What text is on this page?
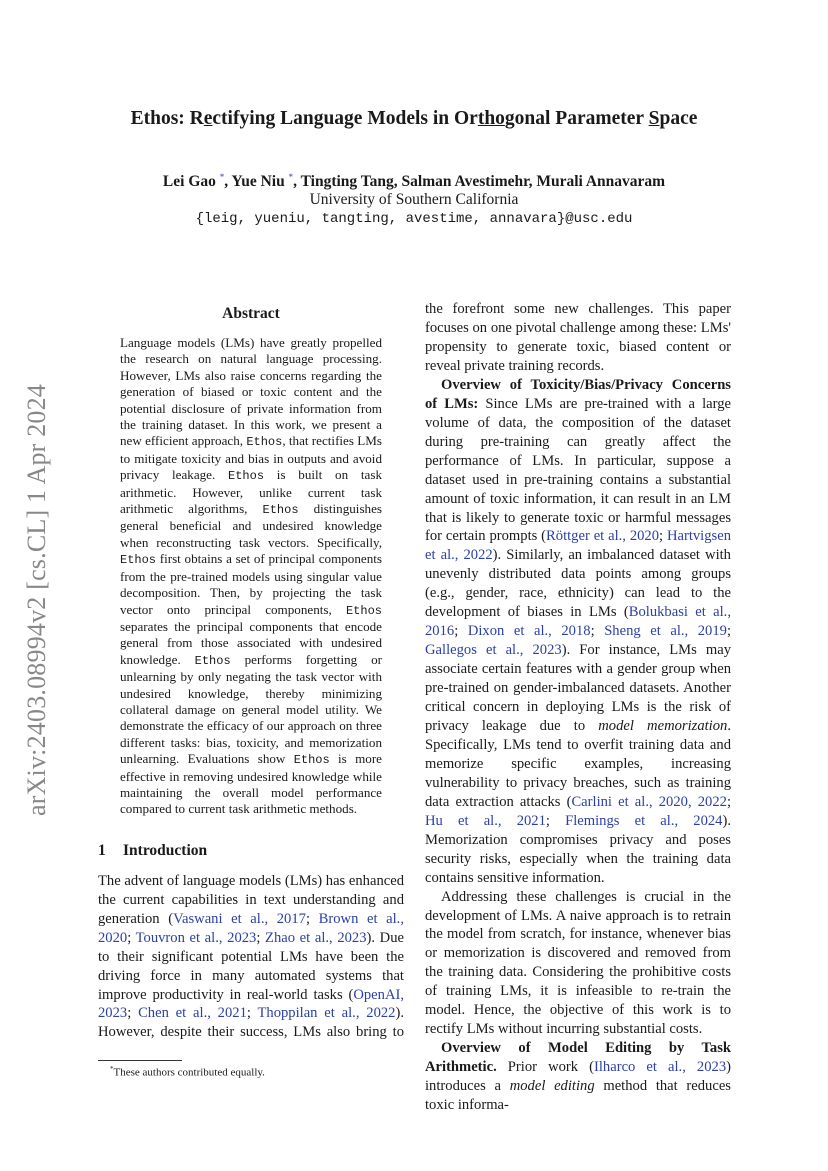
arXiv:2403.08994v2 [cs.CL] 1 Apr 2024
Ethos: Rectifying Language Models in Orthogonal Parameter Space
Lei Gao *, Yue Niu *, Tingting Tang, Salman Avestimehr, Murali Annavaram
University of Southern California
{leig, yueniu, tangting, avestime, annavara}@usc.edu
Abstract
Language models (LMs) have greatly propelled the research on natural language processing. However, LMs also raise concerns regarding the generation of biased or toxic content and the potential disclosure of private information from the training dataset. In this work, we present a new efficient approach, Ethos, that rectifies LMs to mitigate toxicity and bias in outputs and avoid privacy leakage. Ethos is built on task arithmetic. However, unlike current task arithmetic algorithms, Ethos distinguishes general beneficial and undesired knowledge when reconstructing task vectors. Specifically, Ethos first obtains a set of principal components from the pre-trained models using singular value decomposition. Then, by projecting the task vector onto principal components, Ethos separates the principal components that encode general from those associated with undesired knowledge. Ethos performs forgetting or unlearning by only negating the task vector with undesired knowledge, thereby minimizing collateral damage on general model utility. We demonstrate the efficacy of our approach on three different tasks: bias, toxicity, and memorization unlearning. Evaluations show Ethos is more effective in removing undesired knowledge while maintaining the overall model performance compared to current task arithmetic methods.
1 Introduction

The advent of language models (LMs) has enhanced the current capabilities in text understanding and generation (Vaswani et al., 2017; Brown et al., 2020; Touvron et al., 2023; Zhao et al., 2023). Due to their significant potential LMs have been the driving force in many automated systems that improve productivity in real-world tasks (OpenAI, 2023; Chen et al., 2021; Thoppilan et al., 2022). However, despite their success, LMs also bring to

the forefront some new challenges. This paper focuses on one pivotal challenge among these: LMs' propensity to generate toxic, biased content or reveal private training records.

Overview of Toxicity/Bias/Privacy Concerns of LMs: Since LMs are pre-trained with a large volume of data, the composition of the dataset during pre-training can greatly affect the performance of LMs. In particular, suppose a dataset used in pre-training contains a substantial amount of toxic information, it can result in an LM that is likely to generate toxic or harmful messages for certain prompts (Röttger et al., 2020; Hartvigsen et al., 2022). Similarly, an imbalanced dataset with unevenly distributed data points among groups (e.g., gender, race, ethnicity) can lead to the development of biases in LMs (Bolukbasi et al., 2016; Dixon et al., 2018; Sheng et al., 2019; Gallegos et al., 2023). For instance, LMs may associate certain features with a gender group when pre-trained on gender-imbalanced datasets. Another critical concern in deploying LMs is the risk of privacy leakage due to model memorization. Specifically, LMs tend to overfit training data and memorize specific examples, increasing vulnerability to privacy breaches, such as training data extraction attacks (Carlini et al., 2020, 2022; Hu et al., 2021; Flemings et al., 2024). Memorization compromises privacy and poses security risks, especially when the training data contains sensitive information.

Addressing these challenges is crucial in the development of LMs. A naive approach is to retrain the model from scratch, for instance, whenever bias or memorization is discovered and removed from the training data. Considering the prohibitive costs of training LMs, it is infeasible to re-train the model. Hence, the objective of this work is to rectify LMs without incurring substantial costs.

Overview of Model Editing by Task Arithmetic. Prior work (Ilharco et al., 2023) introduces a model editing method that reduces toxic informa-

*These authors contributed equally.
